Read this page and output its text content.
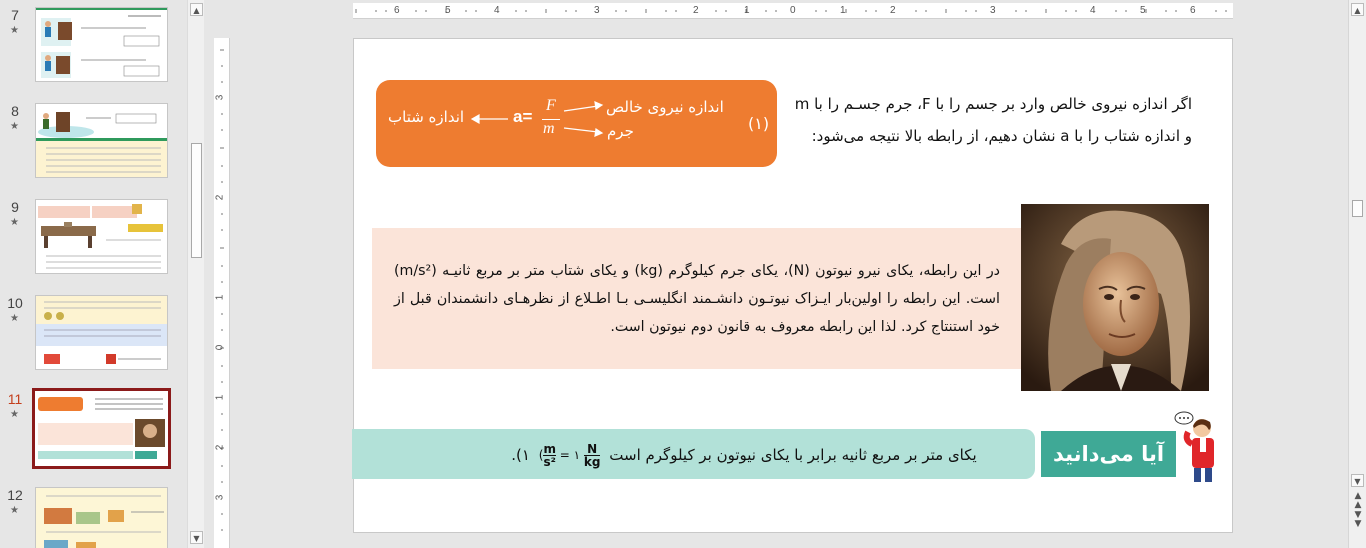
7
★
8
★
9
★
10
★
11
★
12
★
▲
▼
6	5	4	3	2	1	0	1	2	3	4	5	6
3
2
1
0
1
2
3
(۱)
اندازه نیروی خالص
جرم
اندازه شتاب	a=
F
m
اگر اندازه نیروی خالص وارد بر جسم را با F، جرم جسـم را با m و اندازه شتاب را با a نشان دهیم، از رابطه بالا نتیجه می‌شود:
در این رابطه، یکای نیرو نیوتون (N)، یکای جرم کیلوگرم (kg) و یکای شتاب متر بر مربع ثانیـه (m/s²) است. این رابطه را اولین‌بار ایـزاک نیوتـون دانشـمند انگلیسـی بـا اطـلاع از نظرهـای دانشمندان قبل از خود استنتاج کرد. لذا این رابطه معروف به قانون دوم نیوتون است.
یکای متر بر مربع ثانیه برابر با یکای نیوتون بر کیلوگرم است ( $\frac{m}{\text{s²}}$ = ۱ $\frac{N}{kg}$
۱).	آیا می‌دانید
▲
▼
▲
▲
▼
▼
